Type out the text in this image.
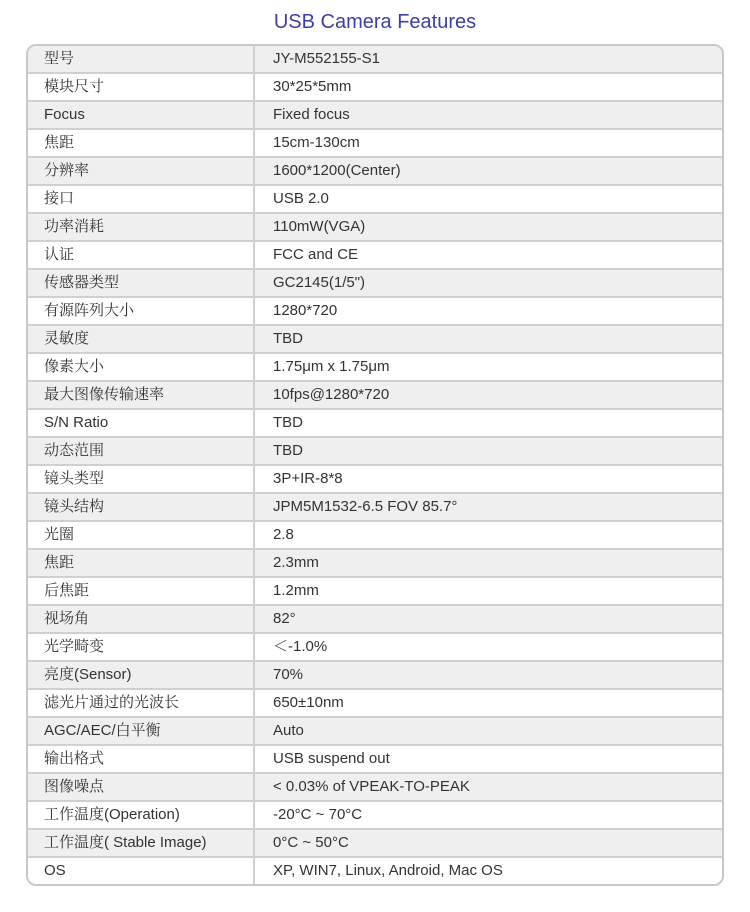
USB Camera Features
型号	JY-M552155-S1
模块尺寸	30*25*5mm
Focus	Fixed focus
焦距	15cm-130cm
分辨率	1600*1200(Center)
接口	USB 2.0
功率消耗	110mW(VGA)
认证	FCC and CE
传感器类型	GC2145(1/5")
有源阵列大小	1280*720
灵敏度	TBD
像素大小	1.75μm x 1.75μm
最大图像传输速率	10fps@1280*720
S/N Ratio	TBD
动态范围	TBD
镜头类型	3P+IR-8*8
镜头结构	JPM5M1532-6.5 FOV 85.7°
光圈	2.8
焦距	2.3mm
后焦距	1.2mm
视场角	82°
光学畸变	＜-1.0%
亮度(Sensor)	70%
滤光片通过的光波长	650±10nm
AGC/AEC/白平衡	Auto
输出格式	USB suspend out
图像噪点	< 0.03% of VPEAK-TO-PEAK
工作温度(Operation)	-20°C ~ 70°C
工作温度( Stable Image)	0°C ~ 50°C
OS	XP, WIN7, Linux, Android, Mac OS
